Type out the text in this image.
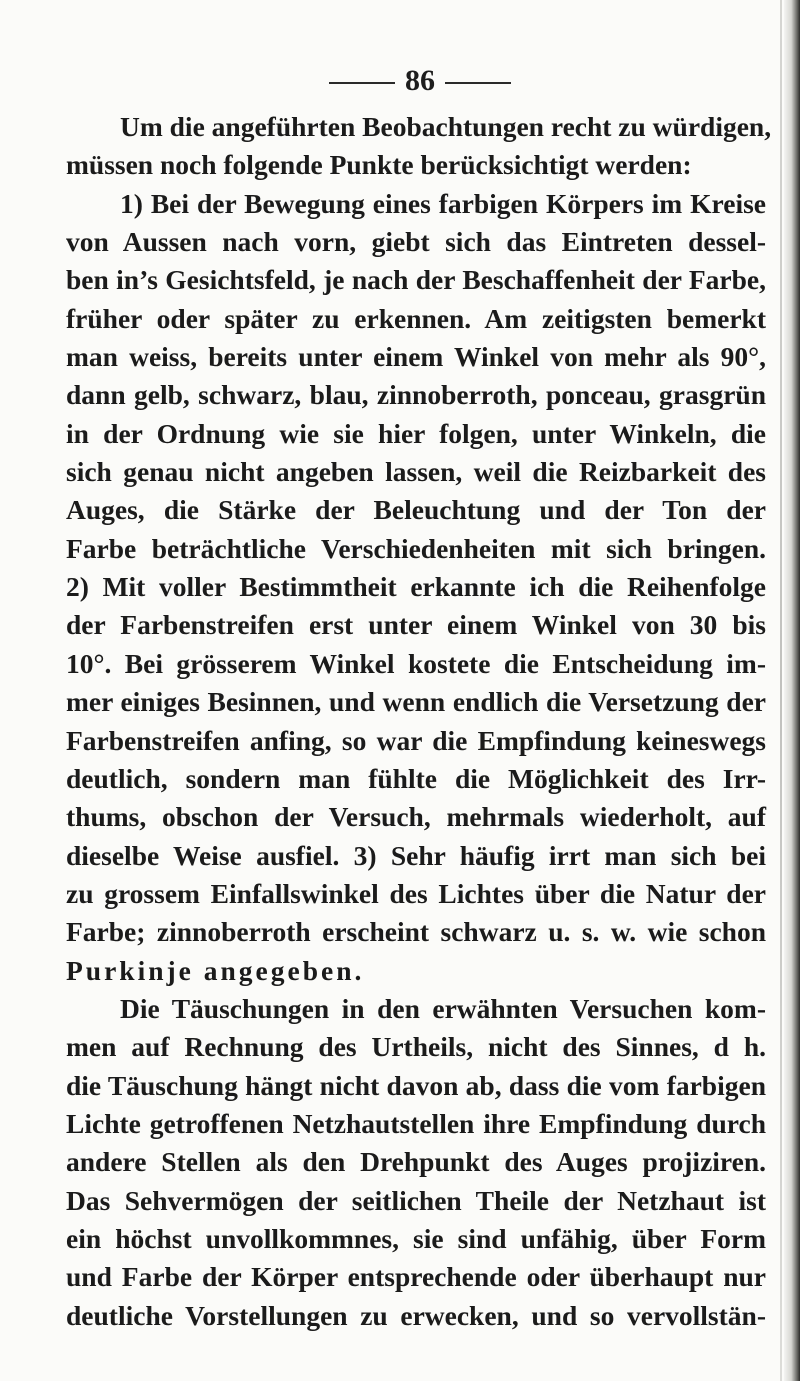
86
Um die angeführten Beobachtungen recht zu würdigen,
müssen noch folgende Punkte berücksichtigt werden:
1) Bei der Bewegung eines farbigen Körpers im Kreise
von Aussen nach vorn, giebt sich das Eintreten dessel-
ben in’s Gesichtsfeld, je nach der Beschaffenheit der Farbe,
früher oder später zu erkennen. Am zeitigsten bemerkt
man weiss, bereits unter einem Winkel von mehr als 90°,
dann gelb, schwarz, blau, zinnoberroth, ponceau, grasgrün
in der Ordnung wie sie hier folgen, unter Winkeln, die
sich genau nicht angeben lassen, weil die Reizbarkeit des
Auges, die Stärke der Beleuchtung und der Ton der
Farbe beträchtliche Verschiedenheiten mit sich bringen.
2) Mit voller Bestimmtheit erkannte ich die Reihenfolge
der Farbenstreifen erst unter einem Winkel von 30 bis
10°. Bei grösserem Winkel kostete die Entscheidung im-
mer einiges Besinnen, und wenn endlich die Versetzung der
Farbenstreifen anfing, so war die Empfindung keineswegs
deutlich, sondern man fühlte die Möglichkeit des Irr-
thums, obschon der Versuch, mehrmals wiederholt, auf
dieselbe Weise ausfiel. 3) Sehr häufig irrt man sich bei
zu grossem Einfallswinkel des Lichtes über die Natur der
Farbe; zinnoberroth erscheint schwarz u. s. w. wie schon
Purkinje angegeben.
Die Täuschungen in den erwähnten Versuchen kom-
men auf Rechnung des Urtheils, nicht des Sinnes, d h.
die Täuschung hängt nicht davon ab, dass die vom farbigen
Lichte getroffenen Netzhautstellen ihre Empfindung durch
andere Stellen als den Drehpunkt des Auges projiziren.
Das Sehvermögen der seitlichen Theile der Netzhaut ist
ein höchst unvollkommnes, sie sind unfähig, über Form
und Farbe der Körper entsprechende oder überhaupt nur
deutliche Vorstellungen zu erwecken, und so vervollstän-
